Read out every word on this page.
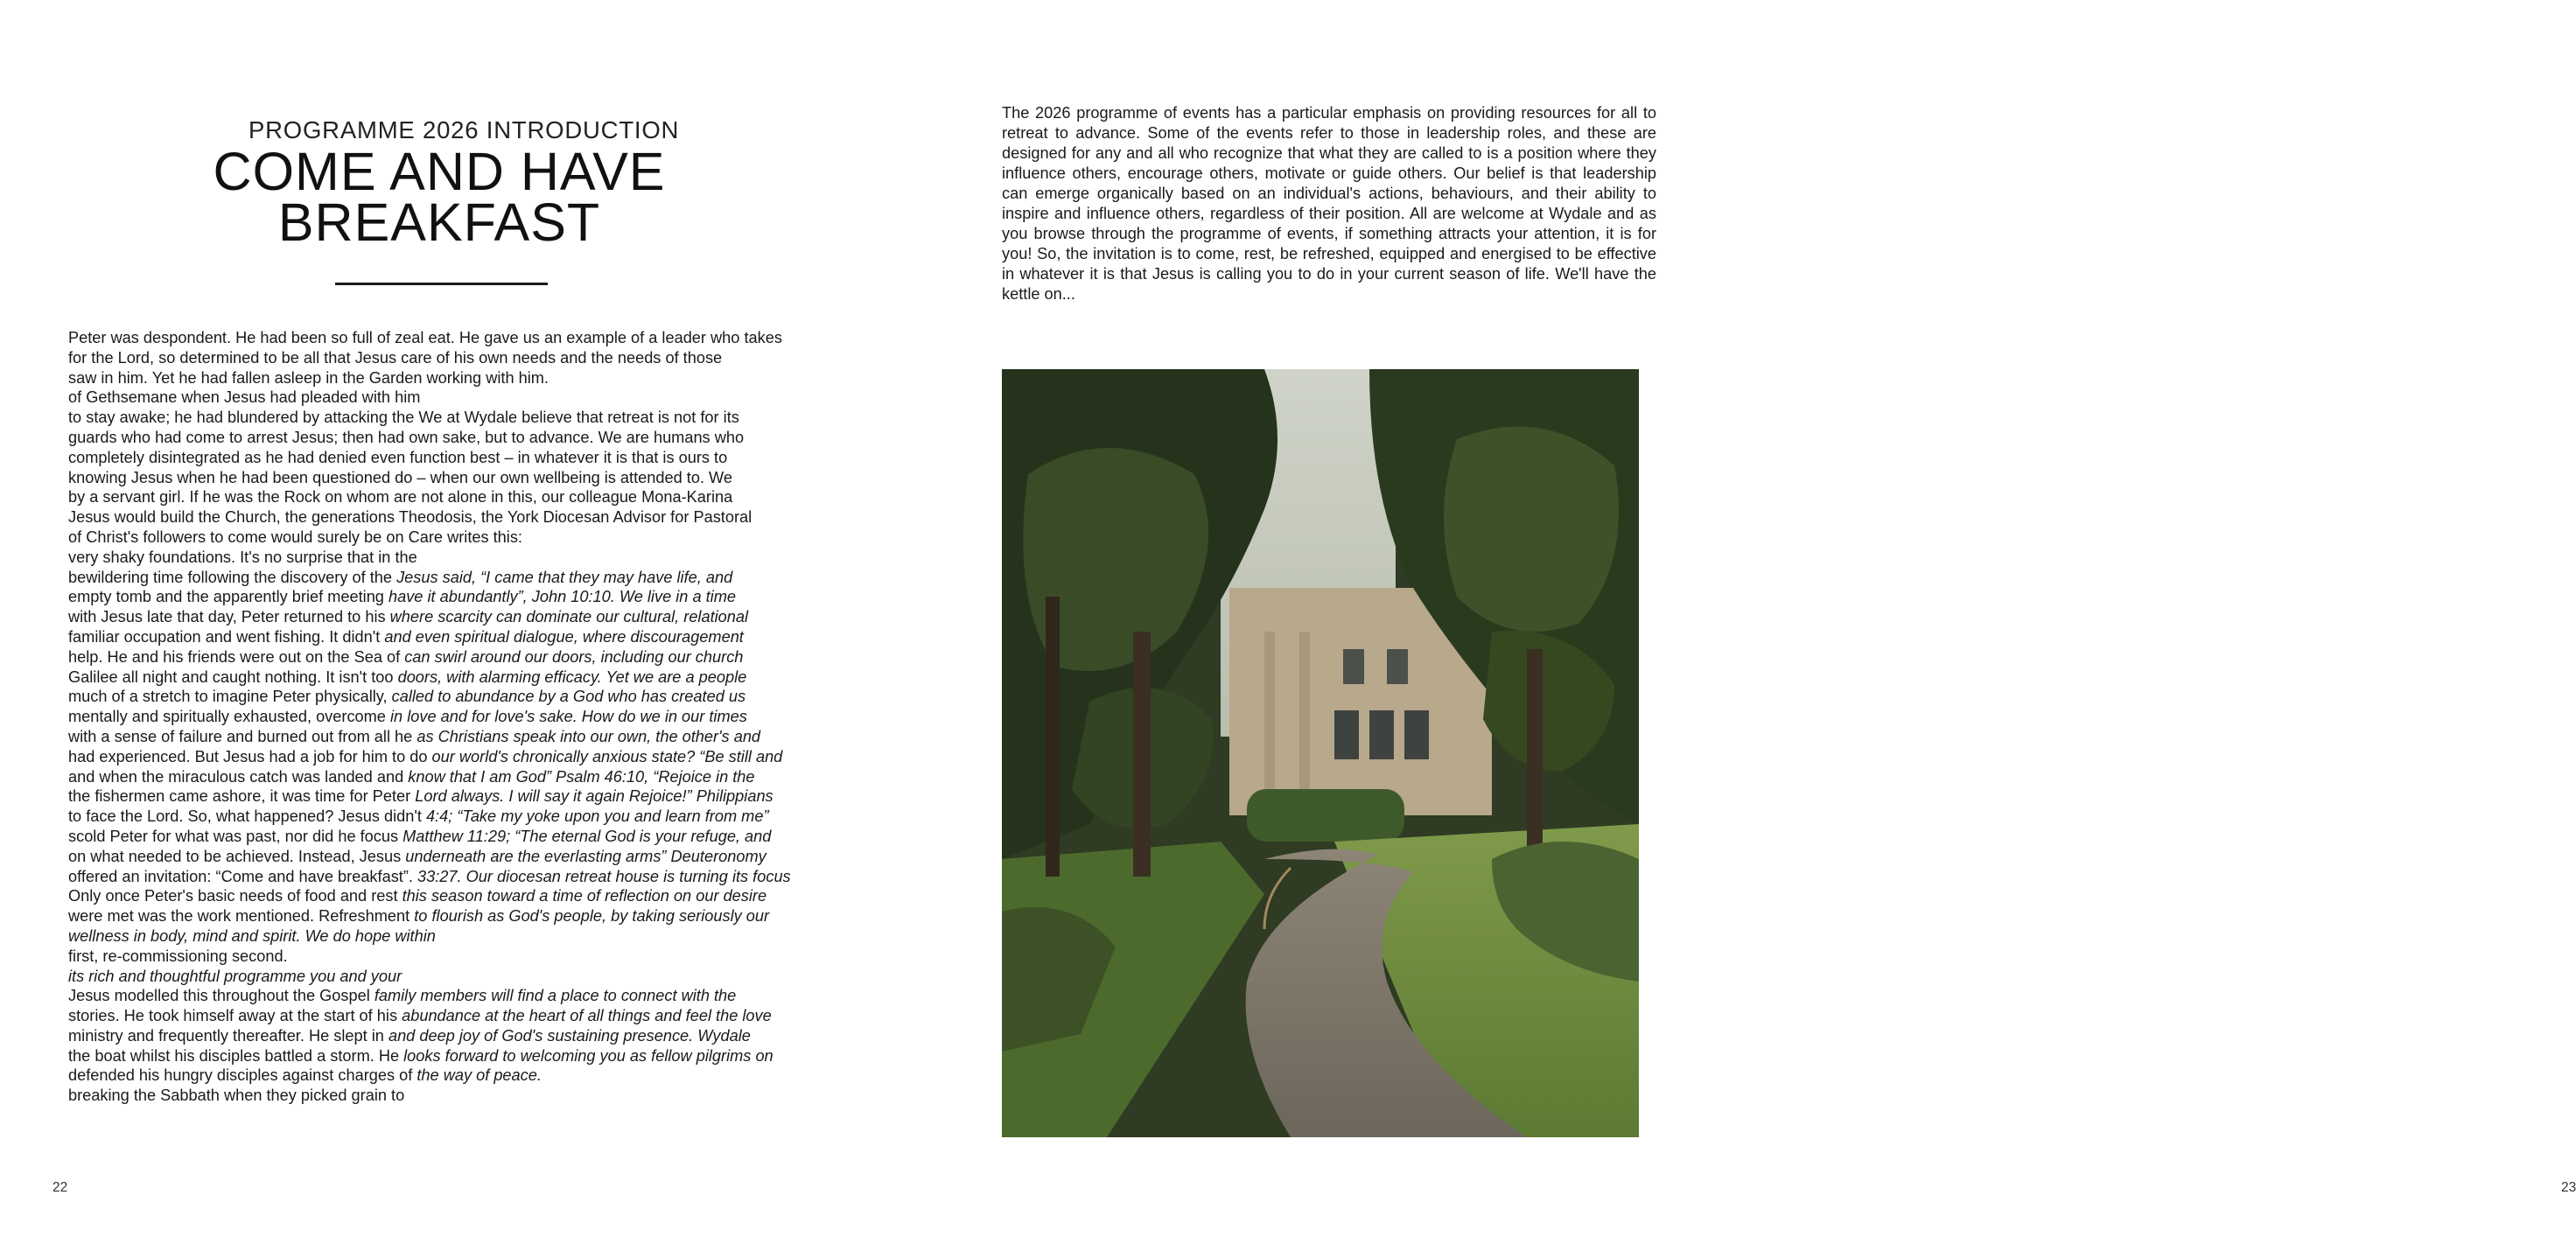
PROGRAMME 2026 INTRODUCTION
COME AND HAVE
BREAKFAST
Peter was despondent. He had been so full of zeal eat. He gave us an example of a leader who takes
for the Lord, so determined to be all that Jesus care of his own needs and the needs of those
saw in him. Yet he had fallen asleep in the Garden working with him.
of Gethsemane when Jesus had pleaded with him
to stay awake; he had blundered by attacking the We at Wydale believe that retreat is not for its
guards who had come to arrest Jesus; then had own sake, but to advance. We are humans who
completely disintegrated as he had denied even function best – in whatever it is that is ours to
knowing Jesus when he had been questioned do – when our own wellbeing is attended to. We
by a servant girl. If he was the Rock on whom are not alone in this, our colleague Mona-Karina
Jesus would build the Church, the generations Theodosis, the York Diocesan Advisor for Pastoral
of Christ's followers to come would surely be on Care writes this:
very shaky foundations. It's no surprise that in the
bewildering time following the discovery of the Jesus said, “I came that they may have life, and
empty tomb and the apparently brief meeting have it abundantly”, John 10:10. We live in a time
with Jesus late that day, Peter returned to his where scarcity can dominate our cultural, relational
familiar occupation and went fishing. It didn't and even spiritual dialogue, where discouragement
help. He and his friends were out on the Sea of can swirl around our doors, including our church
Galilee all night and caught nothing. It isn't too doors, with alarming efficacy. Yet we are a people
much of a stretch to imagine Peter physically, called to abundance by a God who has created us
mentally and spiritually exhausted, overcome in love and for love's sake. How do we in our times
with a sense of failure and burned out from all he as Christians speak into our own, the other's and
had experienced. But Jesus had a job for him to do our world's chronically anxious state? “Be still and
and when the miraculous catch was landed and know that I am God” Psalm 46:10, “Rejoice in the
the fishermen came ashore, it was time for Peter Lord always. I will say it again Rejoice!” Philippians
to face the Lord. So, what happened? Jesus didn't 4:4; “Take my yoke upon you and learn from me”
scold Peter for what was past, nor did he focus Matthew 11:29; “The eternal God is your refuge, and
on what needed to be achieved. Instead, Jesus underneath are the everlasting arms” Deuteronomy
offered an invitation: “Come and have breakfast”. 33:27. Our diocesan retreat house is turning its focus
Only once Peter's basic needs of food and rest this season toward a time of reflection on our desire
were met was the work mentioned. Refreshment to flourish as God's people, by taking seriously our
wellness in body, mind and spirit. We do hope within
first, re-commissioning second.
its rich and thoughtful programme you and your
Jesus modelled this throughout the Gospel family members will find a place to connect with the
stories. He took himself away at the start of his abundance at the heart of all things and feel the love
ministry and frequently thereafter. He slept in and deep joy of God's sustaining presence. Wydale
the boat whilst his disciples battled a storm. He looks forward to welcoming you as fellow pilgrims on
defended his hungry disciples against charges of the way of peace.
breaking the Sabbath when they picked grain to
22	23
The 2026 programme of events has a particular emphasis on providing resources for all to retreat to advance. Some of the events refer to those in leadership roles, and these are designed for any and all who recognize that what they are called to is a position where they influence others, encourage others, motivate or guide others. Our belief is that leadership can emerge organically based on an individual's actions, behaviours, and their ability to inspire and influence others, regardless of their position. All are welcome at Wydale and as you browse through the programme of events, if something attracts your attention, it is for you! So, the invitation is to come, rest, be refreshed, equipped and energised to be effective in whatever it is that Jesus is calling you to do in your current season of life. We'll have the kettle on...
